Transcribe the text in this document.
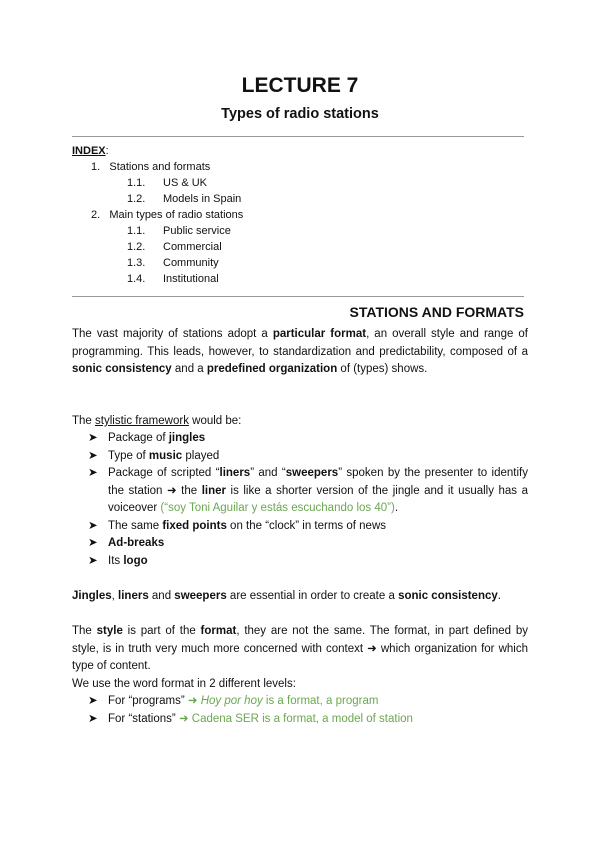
LECTURE 7
Types of radio stations
INDEX:
1. Stations and formats
1.1. US & UK
1.2. Models in Spain
2. Main types of radio stations
1.1. Public service
1.2. Commercial
1.3. Community
1.4. Institutional
STATIONS AND FORMATS
The vast majority of stations adopt a particular format, an overall style and range of programming. This leads, however, to standardization and predictability, composed of a sonic consistency and a predefined organization of (types) shows.
The stylistic framework would be:
➤ Package of jingles
➤ Type of music played
➤ Package of scripted “liners” and “sweepers” spoken by the presenter to identify the station ➜ the liner is like a shorter version of the jingle and it usually has a voiceover (“soy Toni Aguilar y estás escuchando los 40”).
➤ The same fixed points on the “clock” in terms of news
➤ Ad-breaks
➤ Its logo
Jingles, liners and sweepers are essential in order to create a sonic consistency.
The style is part of the format, they are not the same. The format, in part defined by style, is in truth very much more concerned with context ➜ which organization for which type of content.
We use the word format in 2 different levels:
➤ For “programs” ➜ Hoy por hoy is a format, a program
➤ For “stations” ➜ Cadena SER is a format, a model of station
